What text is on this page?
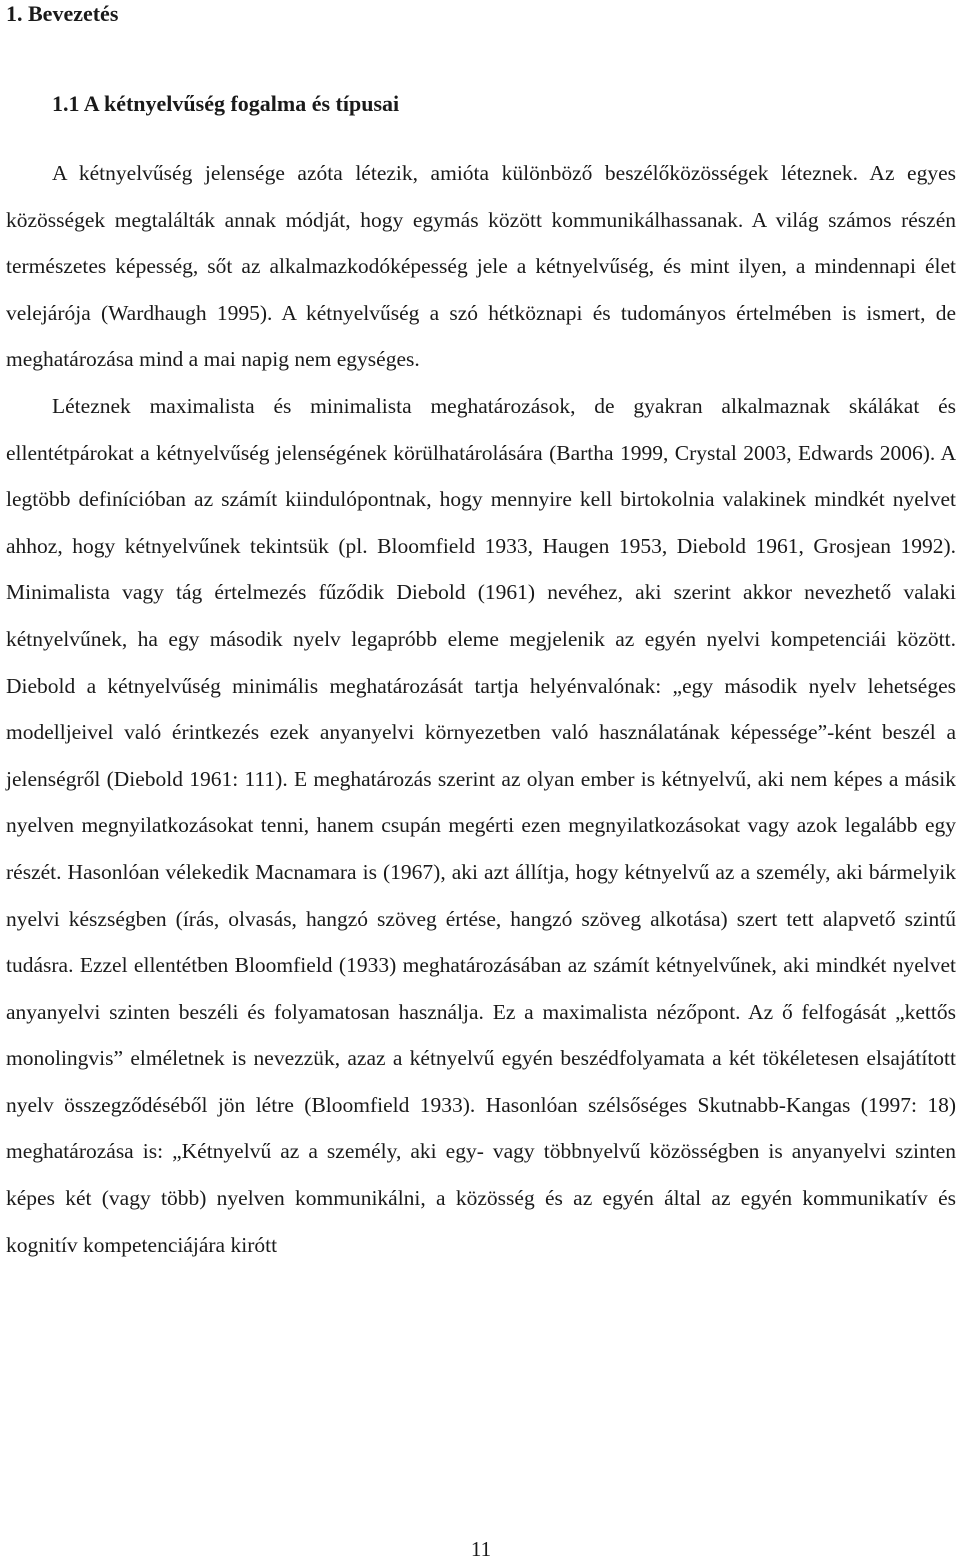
1. Bevezetés
1.1 A kétnyelvűség fogalma és típusai

A kétnyelvűség jelensége azóta létezik, amióta különböző beszélőközösségek léteznek. Az egyes közösségek megtalálták annak módját, hogy egymás között kommunikálhassanak. A világ számos részén természetes képesség, sőt az alkalmazkodóképesség jele a kétnyelvűség, és mint ilyen, a mindennapi élet velejárója (Wardhaugh 1995). A kétnyelvűség a szó hétköznapi és tudományos értelmében is ismert, de meghatározása mind a mai napig nem egységes.

Léteznek maximalista és minimalista meghatározások, de gyakran alkalmaznak skálákat és ellentétpárokat a kétnyelvűség jelenségének körülhatárolására (Bartha 1999, Crystal 2003, Edwards 2006). A legtöbb definícióban az számít kiindulópontnak, hogy mennyire kell birtokolnia valakinek mindkét nyelvet ahhoz, hogy kétnyelvűnek tekintsük (pl. Bloomfield 1933, Haugen 1953, Diebold 1961, Grosjean 1992). Minimalista vagy tág értelmezés fűződik Diebold (1961) nevéhez, aki szerint akkor nevezhető valaki kétnyelvűnek, ha egy második nyelv legapróbb eleme megjelenik az egyén nyelvi kompetenciái között. Diebold a kétnyelvűség minimális meghatározását tartja helyénvalónak: „egy második nyelv lehetséges modelljeivel való érintkezés ezek anyanyelvi környezetben való használatának képessége”-ként beszél a jelenségről (Diebold 1961: 111). E meghatározás szerint az olyan ember is kétnyelvű, aki nem képes a másik nyelven megnyilatkozásokat tenni, hanem csupán megérti ezen megnyilatkozásokat vagy azok legalább egy részét. Hasonlóan vélekedik Macnamara is (1967), aki azt állítja, hogy kétnyelvű az a személy, aki bármelyik nyelvi készségben (írás, olvasás, hangzó szöveg értése, hangzó szöveg alkotása) szert tett alapvető szintű tudásra. Ezzel ellentétben Bloomfield (1933) meghatározásában az számít kétnyelvűnek, aki mindkét nyelvet anyanyelvi szinten beszéli és folyamatosan használja. Ez a maximalista nézőpont. Az ő felfogását „kettős monolingvis” elméletnek is nevezzük, azaz a kétnyelvű egyén beszédfolyamata a két tökéletesen elsajátított nyelv összegződéséből jön létre (Bloomfield 1933). Hasonlóan szélsőséges Skutnabb-Kangas (1997: 18) meghatározása is: „Kétnyelvű az a személy, aki egy- vagy többnyelvű közösségben is anyanyelvi szinten képes két (vagy több) nyelven kommunikálni, a közösség és az egyén által az egyén kommunikatív és kognitív kompetenciájára kirótt

11
